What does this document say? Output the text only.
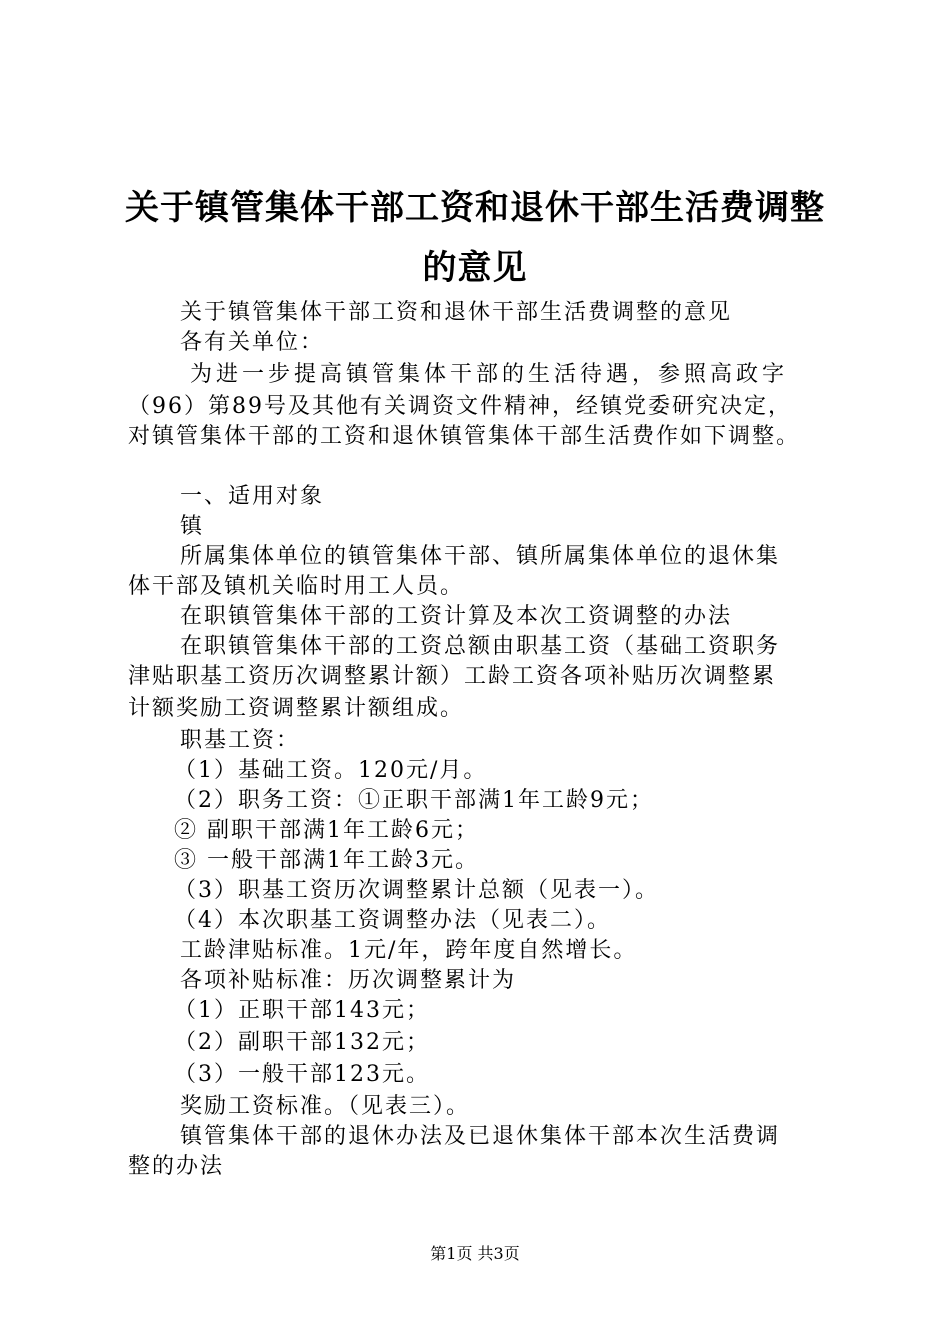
关于镇管集体干部工资和退休干部生活费调整
的意见
关于镇管集体干部工资和退休干部生活费调整的意见
各有关单位：
为进一步提高镇管集体干部的生活待遇，参照高政字
（96）第89号及其他有关调资文件精神，经镇党委研究决定，
对镇管集体干部的工资和退休镇管集体干部生活费作如下调整。
一、适用对象
镇
所属集体单位的镇管集体干部、镇所属集体单位的退休集
体干部及镇机关临时用工人员。
在职镇管集体干部的工资计算及本次工资调整的办法
在职镇管集体干部的工资总额由职基工资（基础工资职务
津贴职基工资历次调整累计额）工龄工资各项补贴历次调整累
计额奖励工资调整累计额组成。
职基工资：
（1）基础工资。120元/月。
（2）职务工资：①正职干部满1年工龄9元；
② 副职干部满1年工龄6元；
③ 一般干部满1年工龄3元。
（3）职基工资历次调整累计总额（见表一）。
（4）本次职基工资调整办法（见表二）。
工龄津贴标准。1元/年，跨年度自然增长。
各项补贴标准：历次调整累计为
（1）正职干部143元；
（2）副职干部132元；
（3）一般干部123元。
奖励工资标准。（见表三）。
镇管集体干部的退休办法及已退休集体干部本次生活费调
整的办法
第1页 共3页
